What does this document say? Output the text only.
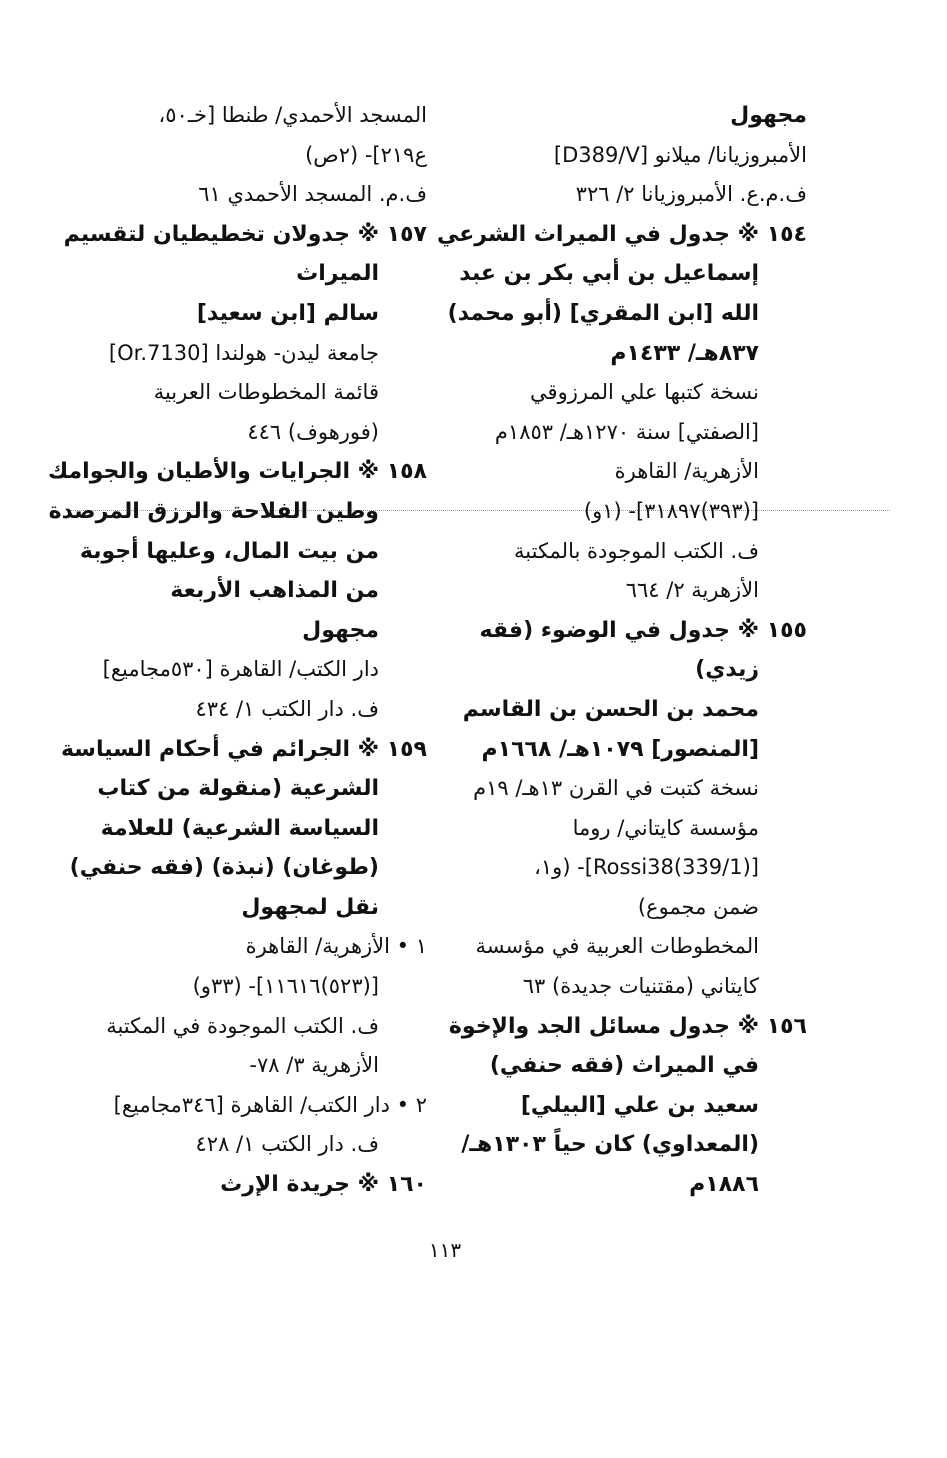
مجهول
الأمبروزيانا/ ميلانو [D389/V]
ف.م.ع. الأمبروزيانا ٢/ ٣٢٦
١٥٤ ※ جدول في الميراث الشرعي
إسماعيل بن أبي بكر بن عبد
الله [ابن المقري] (أبو محمد)
٨٣٧هـ/ ١٤٣٣م
نسخة كتبها علي المرزوقي
[الصفتي] سنة ١٢٧٠هـ/ ١٨٥٣م
الأزهرية/ القاهرة
[(٣٩٣)٣١٨٩٧]- (١و)
ف. الكتب الموجودة بالمكتبة
الأزهرية ٢/ ٦٦٤
١٥٥ ※ جدول في الوضوء (فقه
زيدي)
محمد بن الحسن بن القاسم
[المنصور] ١٠٧٩هـ/ ١٦٦٨م
نسخة كتبت في القرن ١٣هـ/ ١٩م
مؤسسة كايتاني/ روما
[Rossi38(339/1)]- (و١،
ضمن مجموع)
المخطوطات العربية في مؤسسة
كايتاني (مقتنيات جديدة) ٦٣
١٥٦ ※ جدول مسائل الجد والإخوة
في الميراث (فقه حنفي)
سعيد بن علي [البيلي]
(المعداوي) كان حياً ١٣٠٣هـ/
١٨٨٦م
المسجد الأحمدي/ طنطا [خـ٥٠،
ع٢١٩]- (٢ص)
ف.م. المسجد الأحمدي ٦١
١٥٧ ※ جدولان تخطيطيان لتقسيم
الميراث
سالم [ابن سعيد]
جامعة ليدن- هولندا [Or.7130]
قائمة المخطوطات العربية
(فورهوف) ٤٤٦
١٥٨ ※ الجرايات والأطيان والجوامك
وطين الفلاحة والرزق المرصدة
من بيت المال، وعليها أجوبة
من المذاهب الأربعة
مجهول
دار الكتب/ القاهرة [٥٣٠مجاميع]
ف. دار الكتب ١/ ٤٣٤
١٥٩ ※ الجرائم في أحكام السياسة
الشرعية (منقولة من كتاب
السياسة الشرعية) للعلامة
(طوغان) (نبذة) (فقه حنفي)
نقل لمجهول
١ • الأزهرية/ القاهرة
[(٥٢٣)١١٦١٦]- (٣٣و)
ف. الكتب الموجودة في المكتبة
الأزهرية ٣/ ٧٨-
٢ • دار الكتب/ القاهرة [٣٤٦مجاميع]
ف. دار الكتب ١/ ٤٢٨
١٦٠ ※ جريدة الإرث
١١٣
